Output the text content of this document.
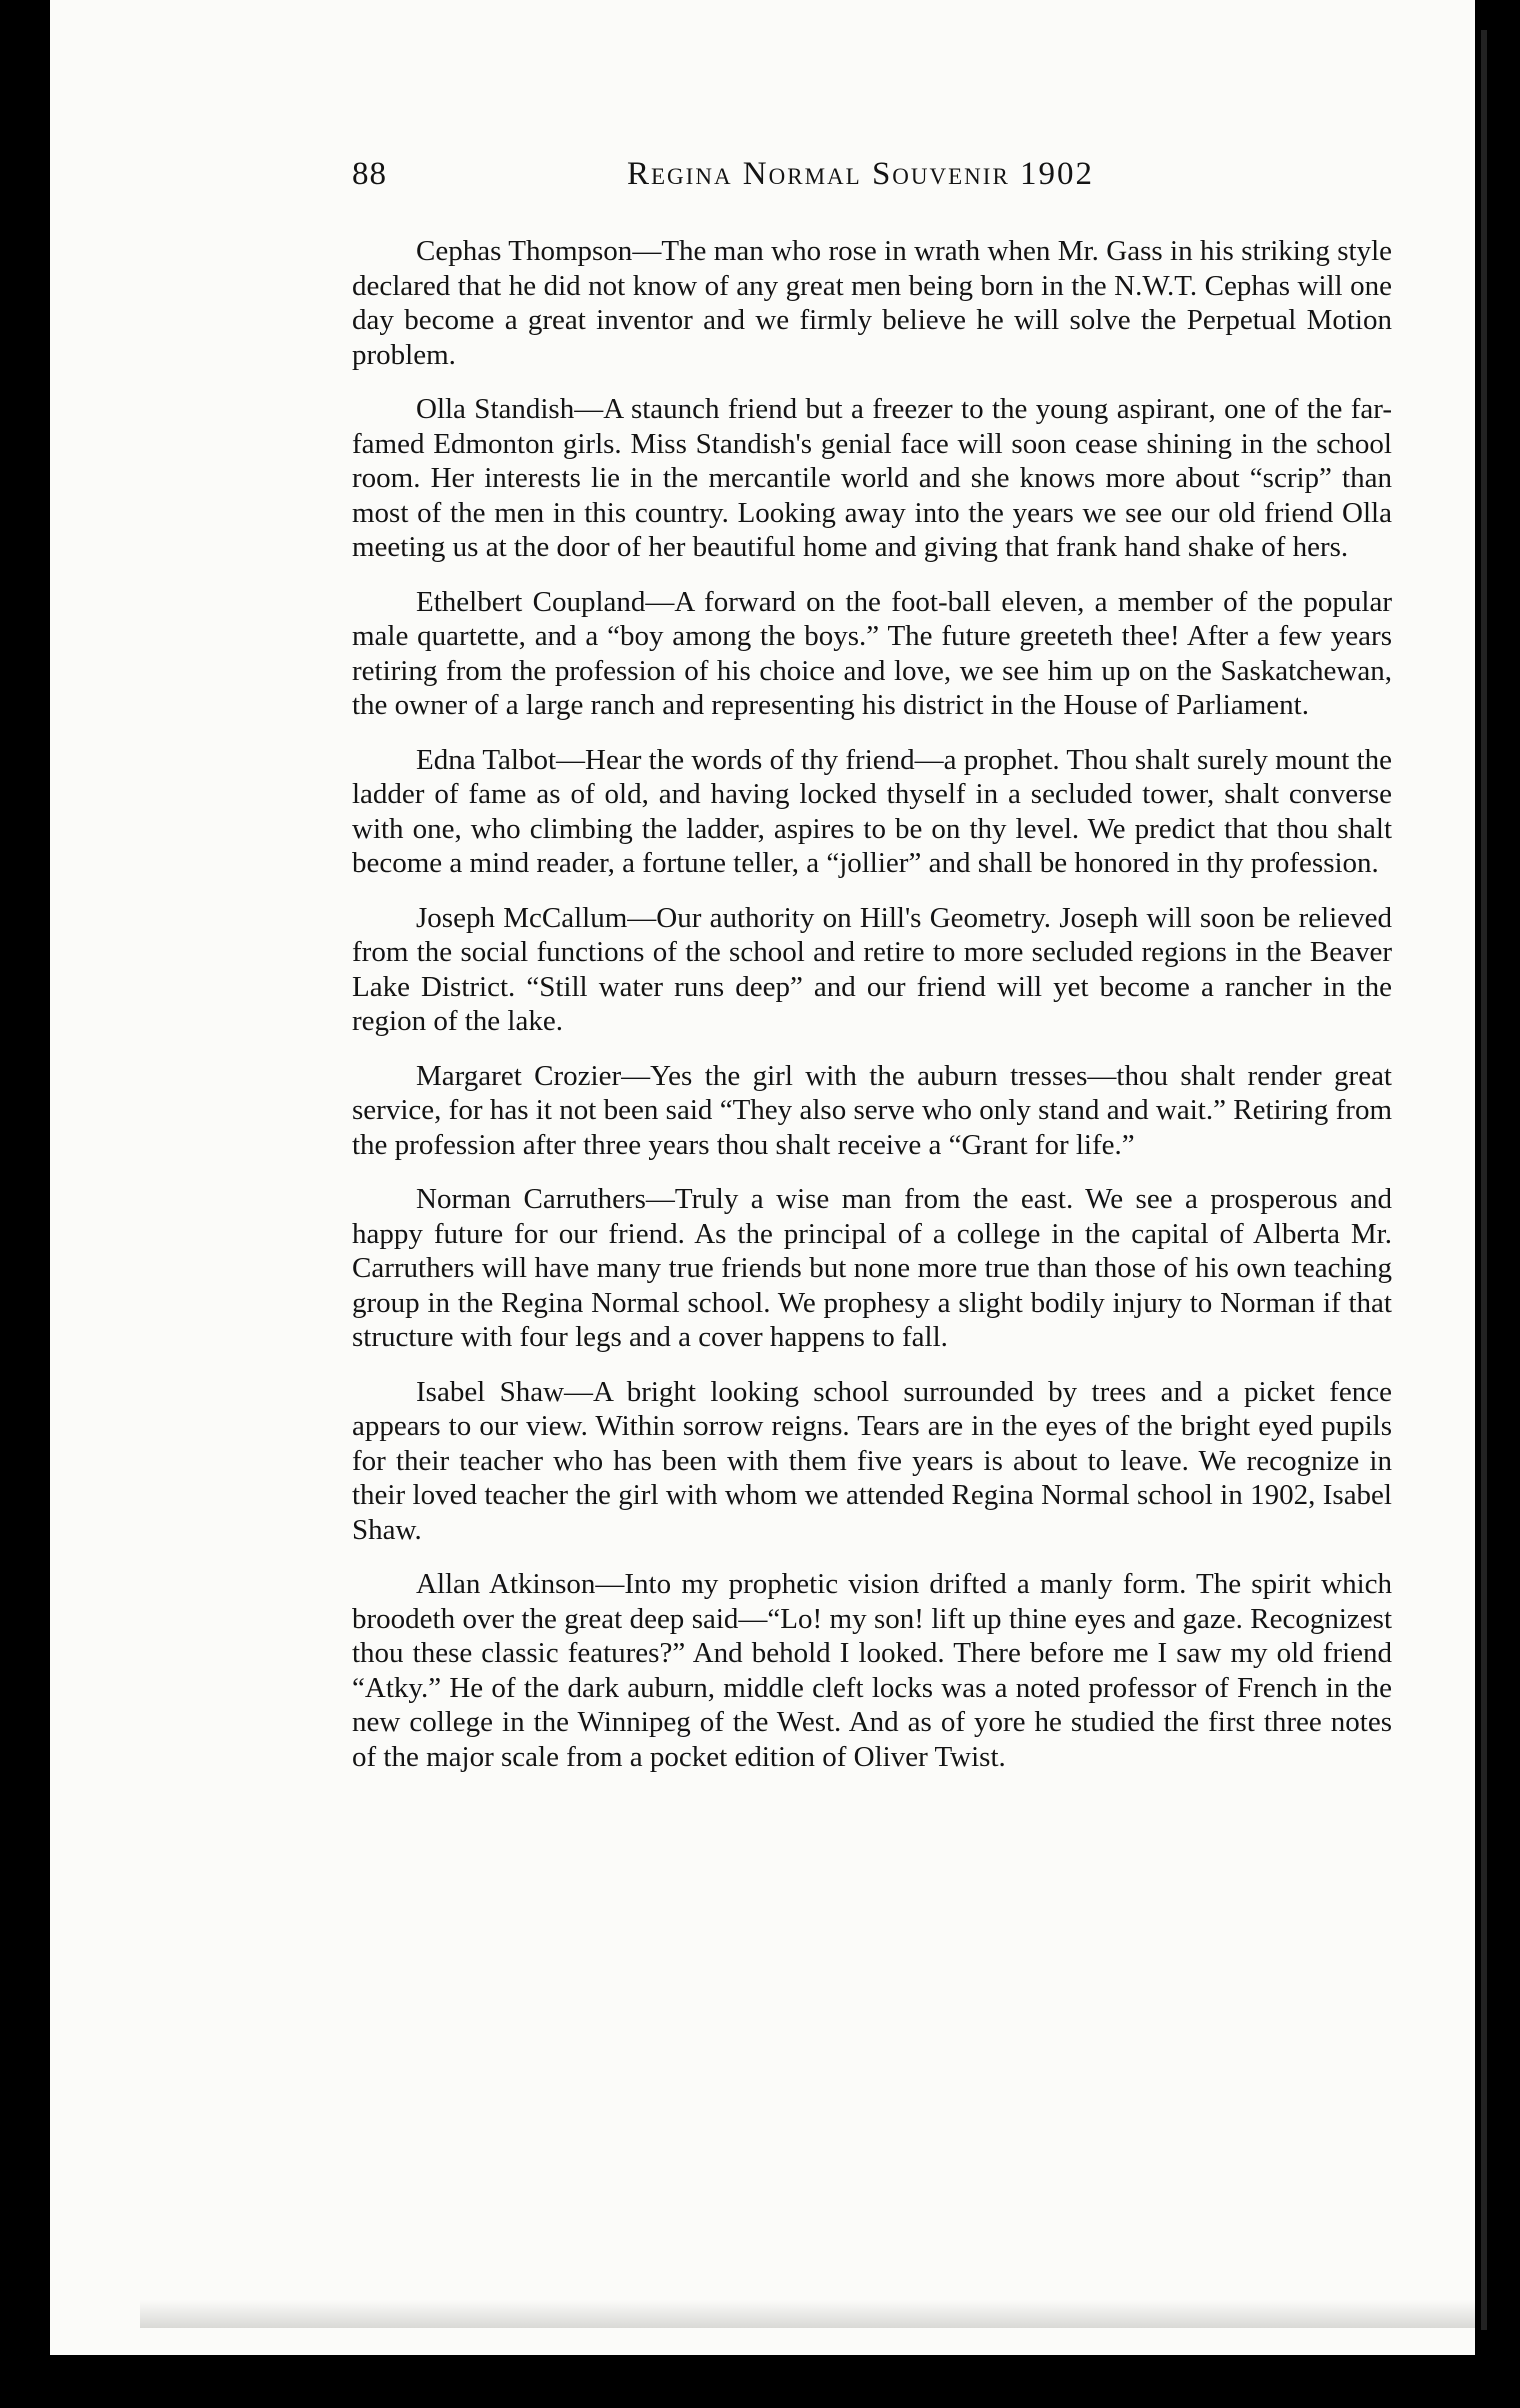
88	Regina Normal Souvenir 1902

Cephas Thompson—The man who rose in wrath when Mr. Gass in his striking style declared that he did not know of any great men being born in the N.W.T. Cephas will one day become a great inventor and we firmly believe he will solve the Perpetual Motion problem.

Olla Standish—A staunch friend but a freezer to the young aspirant, one of the far-famed Edmonton girls. Miss Standish's genial face will soon cease shining in the school room. Her interests lie in the mercantile world and she knows more about “scrip” than most of the men in this country. Looking away into the years we see our old friend Olla meeting us at the door of her beautiful home and giving that frank hand shake of hers.

Ethelbert Coupland—A forward on the foot-ball eleven, a member of the popular male quartette, and a “boy among the boys.” The future greeteth thee! After a few years retiring from the profession of his choice and love, we see him up on the Saskatchewan, the owner of a large ranch and representing his district in the House of Parliament.

Edna Talbot—Hear the words of thy friend—a prophet. Thou shalt surely mount the ladder of fame as of old, and having locked thyself in a secluded tower, shalt converse with one, who climbing the ladder, aspires to be on thy level. We predict that thou shalt become a mind reader, a fortune teller, a “jollier” and shall be honored in thy profession.

Joseph McCallum—Our authority on Hill's Geometry. Joseph will soon be relieved from the social functions of the school and retire to more secluded regions in the Beaver Lake District. “Still water runs deep” and our friend will yet become a rancher in the region of the lake.

Margaret Crozier—Yes the girl with the auburn tresses—thou shalt render great service, for has it not been said “They also serve who only stand and wait.” Retiring from the profession after three years thou shalt receive a “Grant for life.”

Norman Carruthers—Truly a wise man from the east. We see a prosperous and happy future for our friend. As the principal of a college in the capital of Alberta Mr. Carruthers will have many true friends but none more true than those of his own teaching group in the Regina Normal school. We prophesy a slight bodily injury to Norman if that structure with four legs and a cover happens to fall.

Isabel Shaw—A bright looking school surrounded by trees and a picket fence appears to our view. Within sorrow reigns. Tears are in the eyes of the bright eyed pupils for their teacher who has been with them five years is about to leave. We recognize in their loved teacher the girl with whom we attended Regina Normal school in 1902, Isabel Shaw.

Allan Atkinson—Into my prophetic vision drifted a manly form. The spirit which broodeth over the great deep said—“Lo! my son! lift up thine eyes and gaze. Recognizest thou these classic features?” And behold I looked. There before me I saw my old friend “Atky.” He of the dark auburn, middle cleft locks was a noted professor of French in the new college in the Winnipeg of the West. And as of yore he studied the first three notes of the major scale from a pocket edition of Oliver Twist.
